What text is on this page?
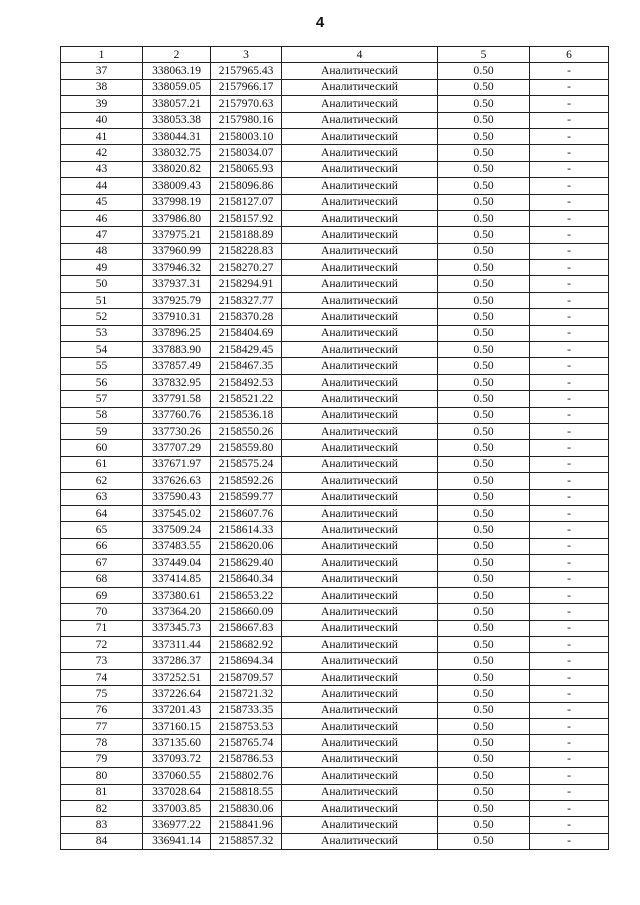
4
1	2	3	4	5	6
37	338063.19	2157965.43	Аналитический	0.50	-
38	338059.05	2157966.17	Аналитический	0.50	-
39	338057.21	2157970.63	Аналитический	0.50	-
40	338053.38	2157980.16	Аналитический	0.50	-
41	338044.31	2158003.10	Аналитический	0.50	-
42	338032.75	2158034.07	Аналитический	0.50	-
43	338020.82	2158065.93	Аналитический	0.50	-
44	338009.43	2158096.86	Аналитический	0.50	-
45	337998.19	2158127.07	Аналитический	0.50	-
46	337986.80	2158157.92	Аналитический	0.50	-
47	337975.21	2158188.89	Аналитический	0.50	-
48	337960.99	2158228.83	Аналитический	0.50	-
49	337946.32	2158270.27	Аналитический	0.50	-
50	337937.31	2158294.91	Аналитический	0.50	-
51	337925.79	2158327.77	Аналитический	0.50	-
52	337910.31	2158370.28	Аналитический	0.50	-
53	337896.25	2158404.69	Аналитический	0.50	-
54	337883.90	2158429.45	Аналитический	0.50	-
55	337857.49	2158467.35	Аналитический	0.50	-
56	337832.95	2158492.53	Аналитический	0.50	-
57	337791.58	2158521.22	Аналитический	0.50	-
58	337760.76	2158536.18	Аналитический	0.50	-
59	337730.26	2158550.26	Аналитический	0.50	-
60	337707.29	2158559.80	Аналитический	0.50	-
61	337671.97	2158575.24	Аналитический	0.50	-
62	337626.63	2158592.26	Аналитический	0.50	-
63	337590.43	2158599.77	Аналитический	0.50	-
64	337545.02	2158607.76	Аналитический	0.50	-
65	337509.24	2158614.33	Аналитический	0.50	-
66	337483.55	2158620.06	Аналитический	0.50	-
67	337449.04	2158629.40	Аналитический	0.50	-
68	337414.85	2158640.34	Аналитический	0.50	-
69	337380.61	2158653.22	Аналитический	0.50	-
70	337364.20	2158660.09	Аналитический	0.50	-
71	337345.73	2158667.83	Аналитический	0.50	-
72	337311.44	2158682.92	Аналитический	0.50	-
73	337286.37	2158694.34	Аналитический	0.50	-
74	337252.51	2158709.57	Аналитический	0.50	-
75	337226.64	2158721.32	Аналитический	0.50	-
76	337201.43	2158733.35	Аналитический	0.50	-
77	337160.15	2158753.53	Аналитический	0.50	-
78	337135.60	2158765.74	Аналитический	0.50	-
79	337093.72	2158786.53	Аналитический	0.50	-
80	337060.55	2158802.76	Аналитический	0.50	-
81	337028.64	2158818.55	Аналитический	0.50	-
82	337003.85	2158830.06	Аналитический	0.50	-
83	336977.22	2158841.96	Аналитический	0.50	-
84	336941.14	2158857.32	Аналитический	0.50	-
